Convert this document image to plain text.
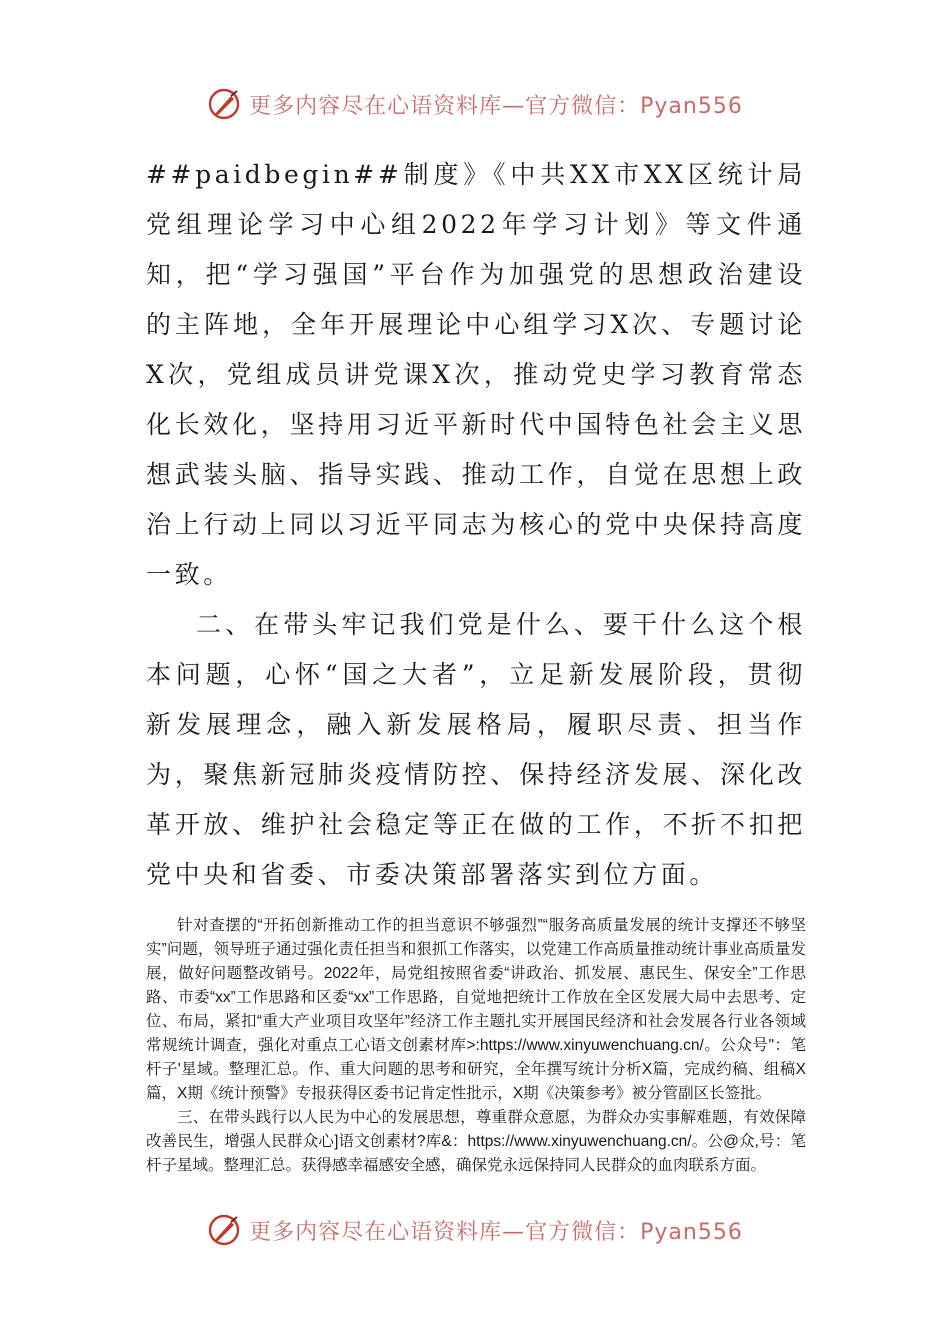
更多内容尽在心语资料库—官方微信：Pyan556

##paidbegin##制度》《中共XX市XX区统计局党组理论学习中心组2022年学习计划》等文件通知，把“学习强国”平台作为加强党的思想政治建设的主阵地，全年开展理论中心组学习X次、专题讨论X次，党组成员讲党课X次，推动党史学习教育常态化长效化，坚持用习近平新时代中国特色社会主义思想武装头脑、指导实践、推动工作，自觉在思想上政治上行动上同以习近平同志为核心的党中央保持高度一致。

二、在带头牢记我们党是什么、要干什么这个根本问题，心怀“国之大者”，立足新发展阶段，贯彻新发展理念，融入新发展格局，履职尽责、担当作为，聚焦新冠肺炎疫情防控、保持经济发展、深化改革开放、维护社会稳定等正在做的工作，不折不扣把党中央和省委、市委决策部署落实到位方面。

针对查摆的“开拓创新推动工作的担当意识不够强烈”“服务高质量发展的统计支撑还不够坚实”问题，领导班子通过强化责任担当和狠抓工作落实，以党建工作高质量推动统计事业高质量发展，做好问题整改销号。2022年，局党组按照省委“讲政治、抓发展、惠民生、保安全”工作思路、市委“xx”工作思路和区委“xx”工作思路，自觉地把统计工作放在全区发展大局中去思考、定位、布局，紧扣“重大产业项目攻坚年”经济工作主题扎实开展国民经济和社会发展各行业各领域常规统计调查，强化对重点工心语文创素材库>:https://www.xinyuwenchuang.cn/。公众号"：笔杆子'星域。整理汇总。作、重大问题的思考和研究，全年撰写统计分析X篇，完成约稿、组稿X篇，X期《统计预警》专报获得区委书记肯定性批示，X期《决策参考》被分管副区长签批。

三、在带头践行以人民为中心的发展思想，尊重群众意愿，为群众办实事解难题，有效保障改善民生，增强人民群众心]语文创素材?库&：https://www.xinyuwenchuang.cn/。公@众,号：笔杆子星域。整理汇总。获得感幸福感安全感，确保党永远保持同人民群众的血肉联系方面。

更多内容尽在心语资料库—官方微信：Pyan556
